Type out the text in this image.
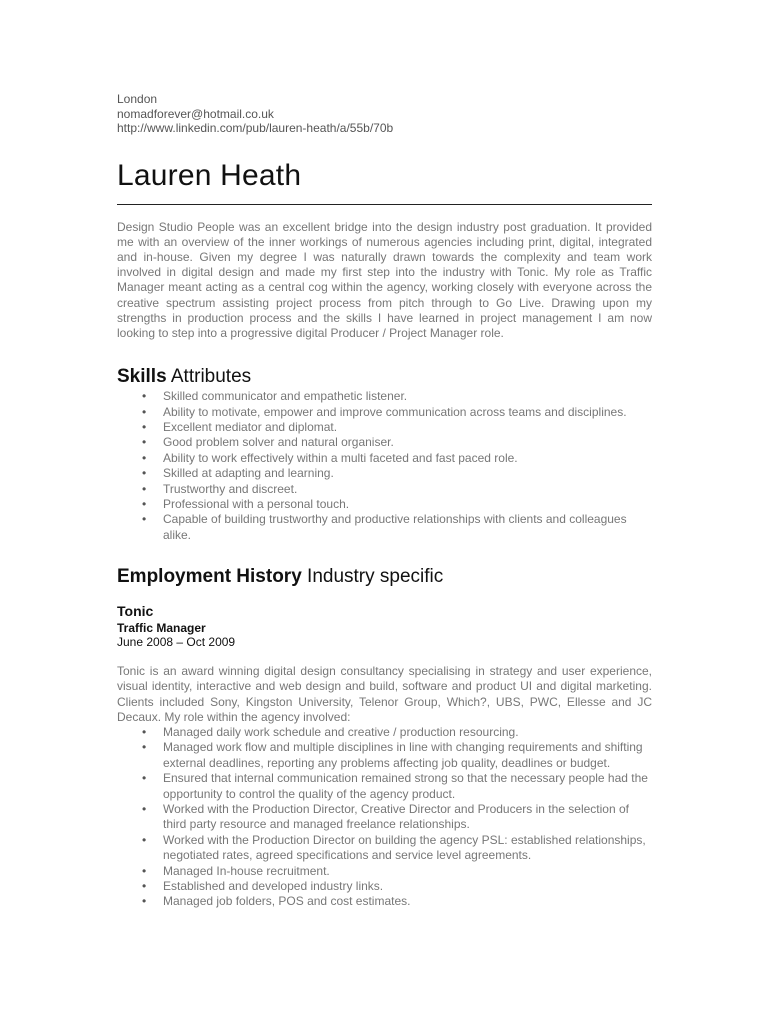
London
nomadforever@hotmail.co.uk
http://www.linkedin.com/pub/lauren-heath/a/55b/70b
Lauren Heath
Design Studio People was an excellent bridge into the design industry post graduation. It provided me with an overview of the inner workings of numerous agencies including print, digital, integrated and in-house. Given my degree I was naturally drawn towards the complexity and team work involved in digital design and made my first step into the industry with Tonic. My role as Traffic Manager meant acting as a central cog within the agency, working closely with everyone across the creative spectrum assisting project process from pitch through to Go Live. Drawing upon my strengths in production process and the skills I have learned in project management I am now looking to step into a progressive digital Producer / Project Manager role.
Skills Attributes
• Skilled communicator and empathetic listener.
• Ability to motivate, empower and improve communication across teams and disciplines.
• Excellent mediator and diplomat.
• Good problem solver and natural organiser.
• Ability to work effectively within a multi faceted and fast paced role.
• Skilled at adapting and learning.
• Trustworthy and discreet.
• Professional with a personal touch.
• Capable of building trustworthy and productive relationships with clients and colleagues alike.
Employment History Industry specific
Tonic
Traffic Manager
June 2008 – Oct 2009
Tonic is an award winning digital design consultancy specialising in strategy and user experience, visual identity, interactive and web design and build, software and product UI and digital marketing. Clients included Sony, Kingston University, Telenor Group, Which?, UBS, PWC, Ellesse and JC Decaux. My role within the agency involved:
• Managed daily work schedule and creative / production resourcing.
• Managed work flow and multiple disciplines in line with changing requirements and shifting external deadlines, reporting any problems affecting job quality, deadlines or budget.
• Ensured that internal communication remained strong so that the necessary people had the opportunity to control the quality of the agency product.
• Worked with the Production Director, Creative Director and Producers in the selection of third party resource and managed freelance relationships.
• Worked with the Production Director on building the agency PSL: established relationships, negotiated rates, agreed specifications and service level agreements.
• Managed In-house recruitment.
• Established and developed industry links.
• Managed job folders, POS and cost estimates.
